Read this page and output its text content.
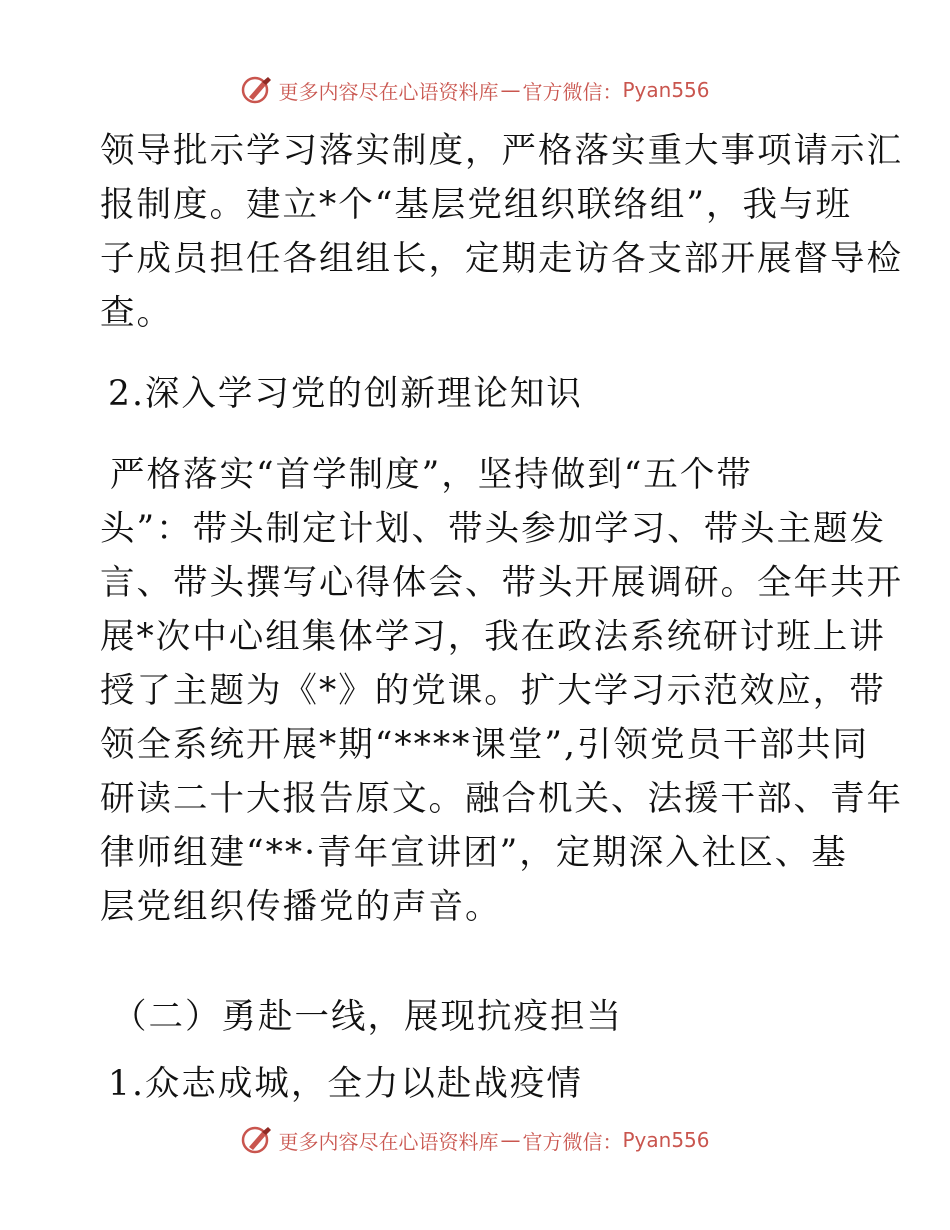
更多内容尽在心语资料库 — 官方微信： Pyan556

领导批示学习落实制度，严格落实重大事项请示汇
报制度。建立*个“基层党组织联络组”，我与班
子成员担任各组组长，定期走访各支部开展督导检
查。

2.深入学习党的创新理论知识

严格落实“首学制度”，坚持做到“五个带
头”：带头制定计划、带头参加学习、带头主题发
言、带头撰写心得体会、带头开展调研。全年共开
展*次中心组集体学习，我在政法系统研讨班上讲
授了主题为《*》的党课。扩大学习示范效应，带
领全系统开展*期“****课堂”,引领党员干部共同
研读二十大报告原文。融合机关、法援干部、青年
律师组建“**·青年宣讲团”，定期深入社区、基
层党组织传播党的声音。

（二）勇赴一线，展现抗疫担当

1.众志成城，全力以赴战疫情

更多内容尽在心语资料库 — 官方微信： Pyan556
